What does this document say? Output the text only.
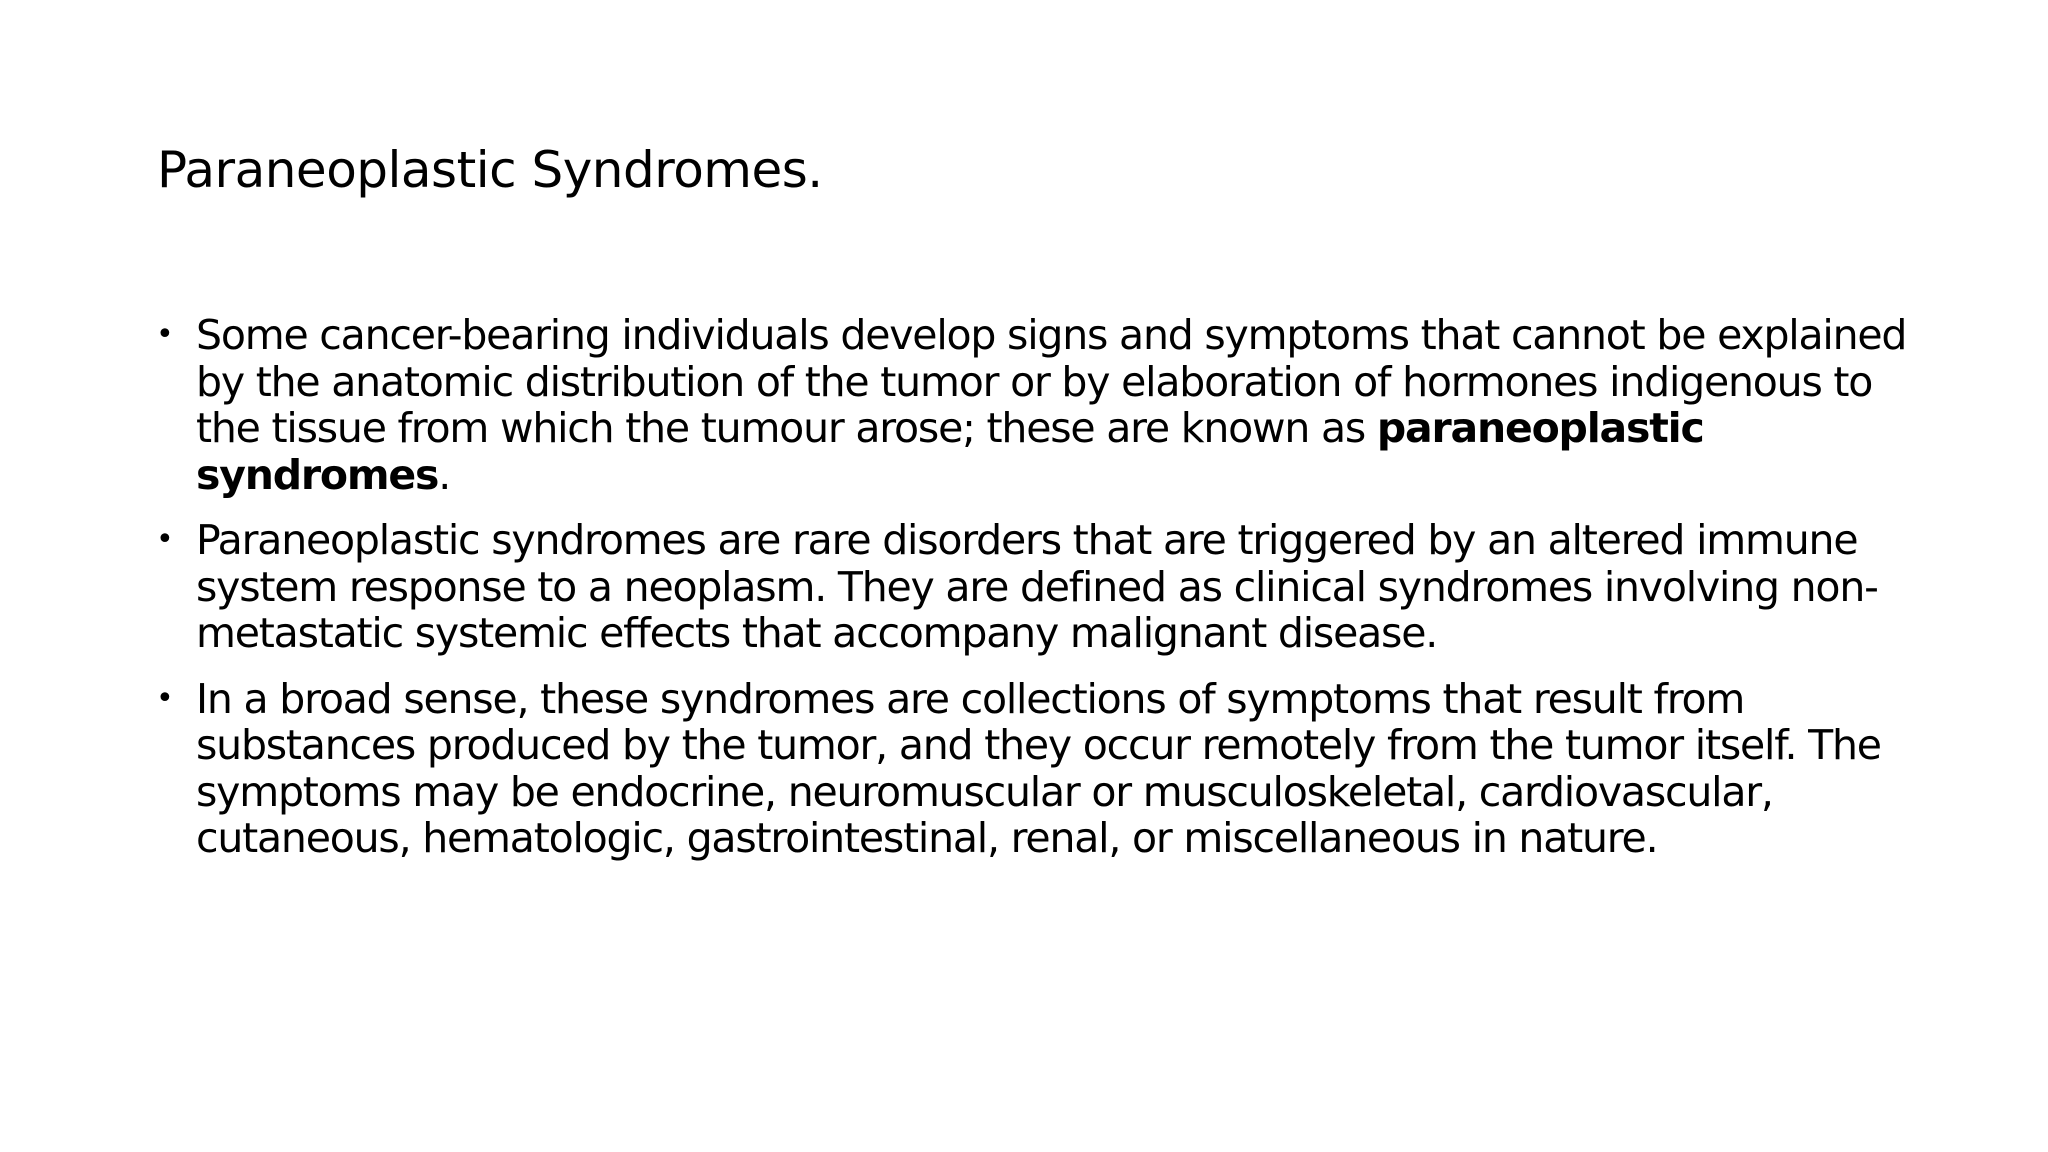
Paraneoplastic Syndromes.
• Some cancer-bearing individuals develop signs and symptoms that cannot be explained by the anatomic distribution of the tumor or by elaboration of hormones indigenous to the tissue from which the tumour arose; these are known as paraneoplastic syndromes.
• Paraneoplastic syndromes are rare disorders that are triggered by an altered immune system response to a neoplasm. They are defined as clinical syndromes involving non-metastatic systemic effects that accompany malignant disease.
• In a broad sense, these syndromes are collections of symptoms that result from substances produced by the tumor, and they occur remotely from the tumor itself. The symptoms may be endocrine, neuromuscular or musculoskeletal, cardiovascular, cutaneous, hematologic, gastrointestinal, renal, or miscellaneous in nature.
